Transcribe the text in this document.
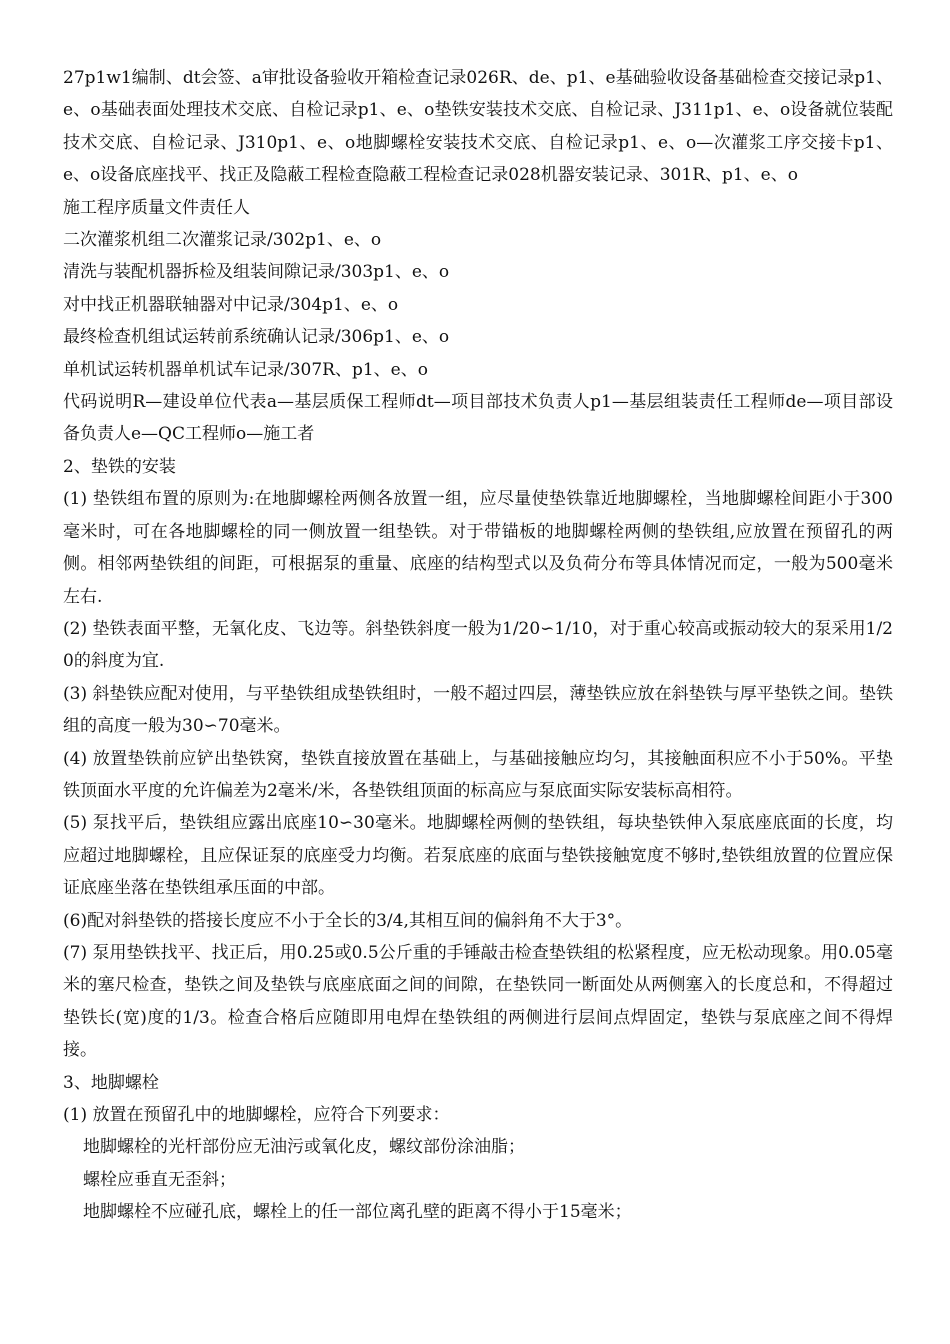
27p1w1编制、dt会签、a审批设备验收开箱检查记录026R、de、p1、e基础验收设备基础检查交接记录p1、e、o基础表面处理技术交底、自检记录p1、e、o垫铁安装技术交底、自检记录、J311p1、e、o设备就位装配技术交底、自检记录、J310p1、e、o地脚螺栓安装技术交底、自检记录p1、e、o—次灌浆工序交接卡p1、e、o设备底座找平、找正及隐蔽工程检查隐蔽工程检查记录028机器安装记录、301R、p1、e、o

施工程序质量文件责任人

二次灌浆机组二次灌浆记录/302p1、e、o

清洗与装配机器拆检及组装间隙记录/303p1、e、o

对中找正机器联轴器对中记录/304p1、e、o

最终检查机组试运转前系统确认记录/306p1、e、o

单机试运转机器单机试车记录/307R、p1、e、o

代码说明R—建设单位代表a—基层质保工程师dt—项目部技术负责人p1—基层组装责任工程师de—项目部设备负责人e—QC工程师o—施工者

2、垫铁的安装

(1) 垫铁组布置的原则为:在地脚螺栓两侧各放置一组，应尽量使垫铁靠近地脚螺栓，当地脚螺栓间距小于300毫米时，可在各地脚螺栓的同一侧放置一组垫铁。对于带锚板的地脚螺栓两侧的垫铁组,应放置在预留孔的两侧。相邻两垫铁组的间距，可根据泵的重量、底座的结构型式以及负荷分布等具体情况而定，一般为500毫米左右.

(2) 垫铁表面平整，无氧化皮、飞边等。斜垫铁斜度一般为1/20∽1/10，对于重心较高或振动较大的泵采用1/20的斜度为宜.

(3) 斜垫铁应配对使用，与平垫铁组成垫铁组时，一般不超过四层，薄垫铁应放在斜垫铁与厚平垫铁之间。垫铁组的高度一般为30∽70毫米。

(4) 放置垫铁前应铲出垫铁窝，垫铁直接放置在基础上，与基础接触应均匀，其接触面积应不小于50%。平垫铁顶面水平度的允许偏差为2毫米/米，各垫铁组顶面的标高应与泵底面实际安装标高相符。

(5) 泵找平后，垫铁组应露出底座10∽30毫米。地脚螺栓两侧的垫铁组，每块垫铁伸入泵底座底面的长度，均应超过地脚螺栓，且应保证泵的底座受力均衡。若泵底座的底面与垫铁接触宽度不够时,垫铁组放置的位置应保证底座坐落在垫铁组承压面的中部。

(6)配对斜垫铁的搭接长度应不小于全长的3/4,其相互间的偏斜角不大于3°。

(7) 泵用垫铁找平、找正后，用0.25或0.5公斤重的手锤敲击检查垫铁组的松紧程度，应无松动现象。用0.05毫米的塞尺检查，垫铁之间及垫铁与底座底面之间的间隙，在垫铁同一断面处从两侧塞入的长度总和，不得超过垫铁长(宽)度的1/3。检查合格后应随即用电焊在垫铁组的两侧进行层间点焊固定，垫铁与泵底座之间不得焊接。

3、地脚螺栓

(1) 放置在预留孔中的地脚螺栓，应符合下列要求：

地脚螺栓的光杆部份应无油污或氧化皮，螺纹部份涂油脂；

螺栓应垂直无歪斜；

地脚螺栓不应碰孔底，螺栓上的任一部位离孔壁的距离不得小于15毫米；
